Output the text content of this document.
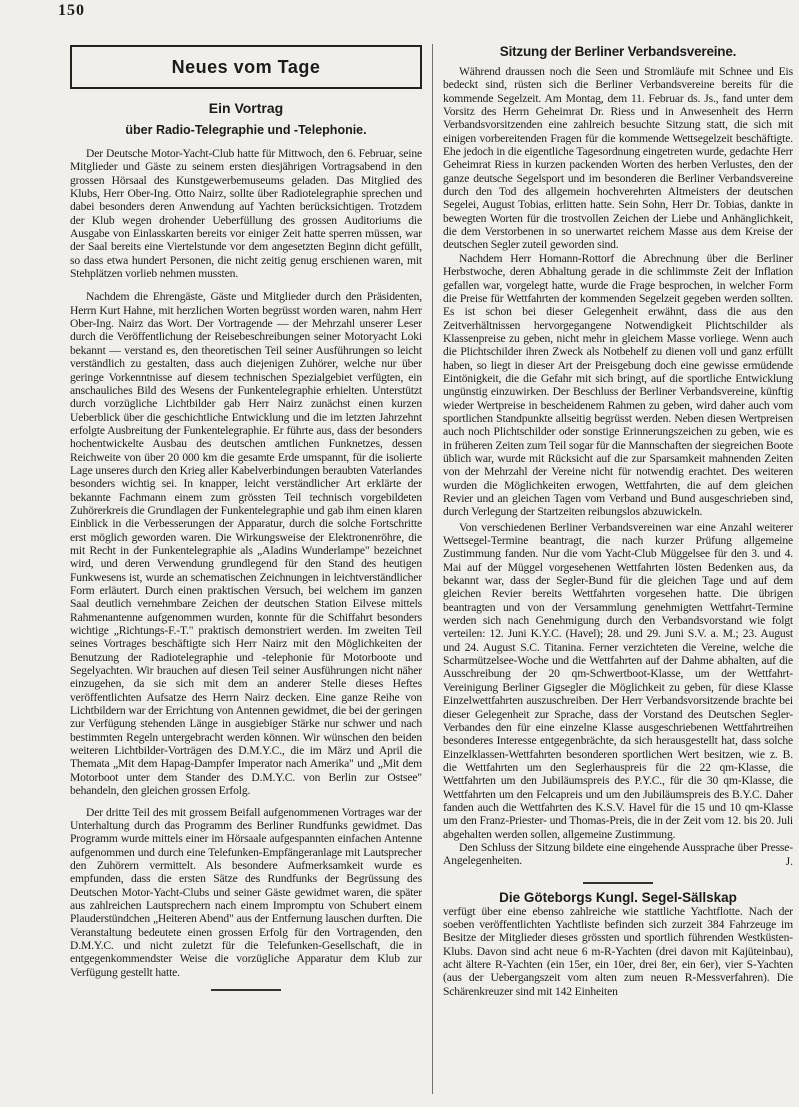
150
Neues vom Tage
Ein Vortrag
über Radio-Telegraphie und -Telephonie.

Der Deutsche Motor-Yacht-Club hatte für Mittwoch, den 6. Februar, seine Mitglieder und Gäste zu seinem ersten diesjährigen Vortragsabend in den grossen Hörsaal des Kunstgewerbemuseums geladen. Das Mitglied des Klubs, Herr Ober-Ing. Otto Nairz, sollte über Radiotelegraphie sprechen und dabei besonders deren Anwendung auf Yachten berücksichtigen. Trotzdem der Klub wegen drohender Ueberfüllung des grossen Auditoriums die Ausgabe von Einlasskarten bereits vor einiger Zeit hatte sperren müssen, war der Saal bereits eine Viertelstunde vor dem angesetzten Beginn dicht gefüllt, so dass etwa hundert Personen, die nicht zeitig genug erschienen waren, mit Stehplätzen vorlieb nehmen mussten.

Nachdem die Ehrengäste, Gäste und Mitglieder durch den Präsidenten, Herrn Kurt Hahne, mit herzlichen Worten begrüsst worden waren, nahm Herr Ober-Ing. Nairz das Wort. Der Vortragende — der Mehrzahl unserer Leser durch die Veröffentlichung der Reisebeschreibungen seiner Motoryacht Loki bekannt — verstand es, den theoretischen Teil seiner Ausführungen so leicht verständlich zu gestalten, dass auch diejenigen Zuhörer, welche nur über geringe Vorkenntnisse auf diesem technischen Spezialgebiet verfügten, ein anschauliches Bild des Wesens der Funkentelegraphie erhielten. Unterstützt durch vorzügliche Lichtbilder gab Herr Nairz zunächst einen kurzen Ueberblick über die geschichtliche Entwicklung und die im letzten Jahrzehnt erfolgte Ausbreitung der Funkentelegraphie. Er führte aus, dass der besonders hochentwickelte Ausbau des deutschen amtlichen Funknetzes, dessen Reichweite von über 20 000 km die gesamte Erde umspannt, für die isolierte Lage unseres durch den Krieg aller Kabelverbindungen beraubten Vaterlandes besonders wichtig sei. In knapper, leicht verständlicher Art erklärte der bekannte Fachmann einem zum grössten Teil technisch vorgebildeten Zuhörerkreis die Grundlagen der Funkentelegraphie und gab ihm einen klaren Einblick in die Verbesserungen der Apparatur, durch die solche Fortschritte erst möglich geworden waren. Die Wirkungsweise der Elektronenröhre, die mit Recht in der Funkentelegraphie als „Aladins Wunderlampe" bezeichnet wird, und deren Verwendung grundlegend für den Stand des heutigen Funkwesens ist, wurde an schematischen Zeichnungen in leichtverständlicher Form erläutert. Durch einen praktischen Versuch, bei welchem im ganzen Saal deutlich vernehmbare Zeichen der deutschen Station Eilvese mittels Rahmenantenne aufgenommen wurden, konnte für die Schiffahrt besonders wichtige „Richtungs-F.-T." praktisch demonstriert werden. Im zweiten Teil seines Vortrages beschäftigte sich Herr Nairz mit den Möglichkeiten der Benutzung der Radiotelegraphie und -telephonie für Motorboote und Segelyachten. Wir brauchen auf diesen Teil seiner Ausführungen nicht näher einzugehen, da sie sich mit dem an anderer Stelle dieses Heftes veröffentlichten Aufsatze des Herrn Nairz decken. Eine ganze Reihe von Lichtbildern war der Errichtung von Antennen gewidmet, die bei der geringen zur Verfügung stehenden Länge in ausgiebiger Stärke nur schwer und nach bestimmten Regeln untergebracht werden können. Wir wünschen den beiden weiteren Lichtbilder-Vorträgen des D.M.Y.C., die im März und April die Themata „Mit dem Hapag-Dampfer Imperator nach Amerika" und „Mit dem Motorboot unter dem Stander des D.M.Y.C. von Berlin zur Ostsee" behandeln, den gleichen grossen Erfolg.

Der dritte Teil des mit grossem Beifall aufgenommenen Vortrages war der Unterhaltung durch das Programm des Berliner Rundfunks gewidmet. Das Programm wurde mittels einer im Hörsaale aufgespannten einfachen Antenne aufgenommen und durch eine Telefunken-Empfängeranlage mit Lautsprecher den Zuhörern vermittelt. Als besondere Aufmerksamkeit wurde es empfunden, dass die ersten Sätze des Rundfunks der Begrüssung des Deutschen Motor-Yacht-Clubs und seiner Gäste gewidmet waren, die später aus zahlreichen Lautsprechern nach einem Impromptu von Schubert einem Plauderstündchen „Heiteren Abend" aus der Entfernung lauschen durften. Die Veranstaltung bedeutete einen grossen Erfolg für den Vortragenden, den D.M.Y.C. und nicht zuletzt für die Telefunken-Gesellschaft, die in entgegenkommendster Weise die vorzügliche Apparatur dem Klub zur Verfügung gestellt hatte.

Sitzung der Berliner Verbandsvereine.

Während draussen noch die Seen und Stromläufe mit Schnee und Eis bedeckt sind, rüsten sich die Berliner Verbandsvereine bereits für die kommende Segelzeit. Am Montag, dem 11. Februar ds. Js., fand unter dem Vorsitz des Herrn Geheimrat Dr. Riess und in Anwesenheit des Herrn Verbandsvorsitzenden eine zahlreich besuchte Sitzung statt, die sich mit einigen vorbereitenden Fragen für die kommende Wettsegelzeit beschäftigte. Ehe jedoch in die eigentliche Tagesordnung eingetreten wurde, gedachte Herr Geheimrat Riess in kurzen packenden Worten des herben Verlustes, den der ganze deutsche Segelsport und im besonderen die Berliner Verbandsvereine durch den Tod des allgemein hochverehrten Altmeisters der deutschen Segelei, August Tobias, erlitten hatte. Sein Sohn, Herr Dr. Tobias, dankte in bewegten Worten für die trostvollen Zeichen der Liebe und Anhänglichkeit, die dem Verstorbenen in so unerwartet reichem Masse aus dem Kreise der deutschen Segler zuteil geworden sind.

Nachdem Herr Homann-Rottorf die Abrechnung über die Berliner Herbstwoche, deren Abhaltung gerade in die schlimmste Zeit der Inflation gefallen war, vorgelegt hatte, wurde die Frage besprochen, in welcher Form die Preise für Wettfahrten der kommenden Segelzeit gegeben werden sollten. Es ist schon bei dieser Gelegenheit erwähnt, dass die aus den Zeitverhältnissen hervorgegangene Notwendigkeit Plichtschilder als Klassenpreise zu geben, nicht mehr in gleichem Masse vorliege. Wenn auch die Plichtschilder ihren Zweck als Notbehelf zu dienen voll und ganz erfüllt haben, so liegt in dieser Art der Preisgebung doch eine gewisse ermüdende Eintönigkeit, die die Gefahr mit sich bringt, auf die sportliche Entwicklung ungünstig einzuwirken. Der Beschluss der Berliner Verbandsvereine, künftig wieder Wertpreise in bescheidenem Rahmen zu geben, wird daher auch vom sportlichen Standpunkte allseitig begrüsst werden. Neben diesen Wertpreisen auch noch Plichtschilder oder sonstige Erinnerungszeichen zu geben, wie es in früheren Zeiten zum Teil sogar für die Mannschaften der siegreichen Boote üblich war, wurde mit Rücksicht auf die zur Sparsamkeit mahnenden Zeiten von der Mehrzahl der Vereine nicht für notwendig erachtet. Des weiteren wurden die Möglichkeiten erwogen, Wettfahrten, die auf dem gleichen Revier und an gleichen Tagen vom Verband und Bund ausgeschrieben sind, durch Verlegung der Startzeiten reibungslos abzuwickeln.

Von verschiedenen Berliner Verbandsvereinen war eine Anzahl weiterer Wettsegel-Termine beantragt, die nach kurzer Prüfung allgemeine Zustimmung fanden. Nur die vom Yacht-Club Müggelsee für den 3. und 4. Mai auf der Müggel vorgesehenen Wettfahrten lösten Bedenken aus, da bekannt war, dass der Segler-Bund für die gleichen Tage und auf dem gleichen Revier bereits Wettfahrten vorgesehen hatte. Die übrigen beantragten und von der Versammlung genehmigten Wettfahrt-Termine werden sich nach Genehmigung durch den Verbandsvorstand wie folgt verteilen: 12. Juni K.Y.C. (Havel); 28. und 29. Juni S.V. a. M.; 23. August und 24. August S.C. Titanina. Ferner verzichteten die Vereine, welche die Scharmützelsee-Woche und die Wettfahrten auf der Dahme abhalten, auf die Ausschreibung der 20 qm-Schwertboot-Klasse, um der Wettfahrt-Vereinigung Berliner Gigsegler die Möglichkeit zu geben, für diese Klasse Einzelwettfahrten auszuschreiben. Der Herr Verbandsvorsitzende brachte bei dieser Gelegenheit zur Sprache, dass der Vorstand des Deutschen Segler-Verbandes den für eine einzelne Klasse ausgeschriebenen Wettfahrtreihen besonderes Interesse entgegenbrächte, da sich herausgestellt hat, dass solche Einzelklassen-Wettfahrten besonderen sportlichen Wert besitzen, wie z. B. die Wettfahrten um den Seglerhauspreis für die 22 qm-Klasse, die Wettfahrten um den Jubiläumspreis des P.Y.C., für die 30 qm-Klasse, die Wettfahrten um den Felcapreis und um den Jubiläumspreis des B.Y.C. Daher fanden auch die Wettfahrten des K.S.V. Havel für die 15 und 10 qm-Klasse um den Franz-Priester- und Thomas-Preis, die in der Zeit vom 12. bis 20. Juli abgehalten werden sollen, allgemeine Zustimmung.

Den Schluss der Sitzung bildete eine eingehende Aussprache über Presse-Angelegenheiten.	J.
Die Göteborgs Kungl. Segel-Sällskap

verfügt über eine ebenso zahlreiche wie stattliche Yachtflotte. Nach der soeben veröffentlichten Yachtliste befinden sich zurzeit 384 Fahrzeuge im Besitze der Mitglieder dieses grössten und sportlich führenden Westküsten-Klubs. Davon sind acht neue 6 m-R-Yachten (drei davon mit Kajüteinbau), acht ältere R-Yachten (ein 15er, ein 10er, drei 8er, ein 6er), vier S-Yachten (aus der Uebergangszeit vom alten zum neuen R-Messverfahren). Die Schärenkreuzer sind mit 142 Einheiten
